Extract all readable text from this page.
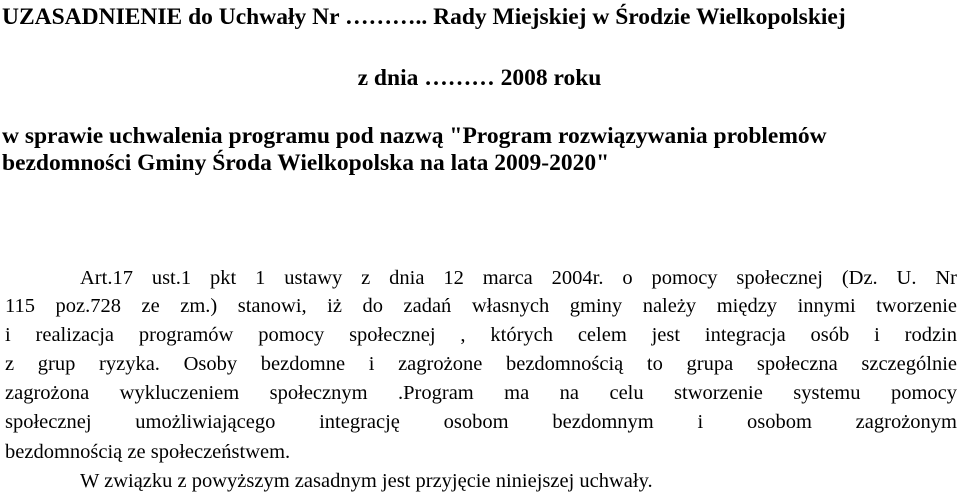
UZASADNIENIE do Uchwały Nr ……….. Rady Miejskiej w Środzie Wielkopolskiej
z dnia ……… 2008 roku
w sprawie uchwalenia programu pod nazwą "Program rozwiązywania problemów
bezdomności Gminy Środa Wielkopolska na lata 2009-2020"
Art.17 ust.1 pkt 1 ustawy z dnia 12 marca 2004r. o pomocy społecznej (Dz. U. Nr
115 poz.728 ze zm.) stanowi, iż do zadań własnych gminy należy między innymi tworzenie
i realizacja programów pomocy społecznej , których celem jest integracja osób i rodzin
z grup ryzyka. Osoby bezdomne i zagrożone bezdomnością to grupa społeczna szczególnie
zagrożona wykluczeniem społecznym .Program ma na celu stworzenie systemu pomocy
społecznej umożliwiającego integrację osobom bezdomnym i osobom zagrożonym
bezdomnością ze społeczeństwem.
W związku z powyższym zasadnym jest przyjęcie niniejszej uchwały.
